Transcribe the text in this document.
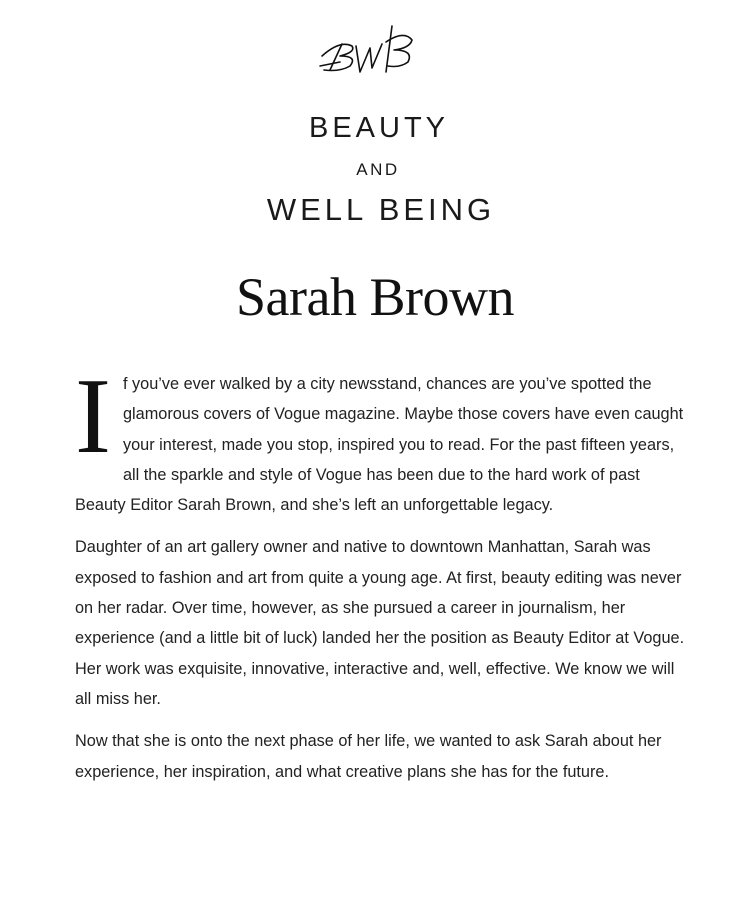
BEAUTY
AND
WELL BEING
Sarah Brown

I f you’ve ever walked by a city newsstand, chances are you’ve spotted the glamorous covers of Vogue magazine. Maybe those covers have even caught your interest, made you stop, inspired you to read. For the past fifteen years, all the sparkle and style of Vogue has been due to the hard work of past Beauty Editor Sarah Brown, and she’s left an unforgettable legacy.

Daughter of an art gallery owner and native to downtown Manhattan, Sarah was exposed to fashion and art from quite a young age. At first, beauty editing was never on her radar. Over time, however, as she pursued a career in journalism, her experience (and a little bit of luck) landed her the position as Beauty Editor at Vogue. Her work was exquisite, innovative, interactive and, well, effective. We know we will all miss her.

Now that she is onto the next phase of her life, we wanted to ask Sarah about her experience, her inspiration, and what creative plans she has for the future.
